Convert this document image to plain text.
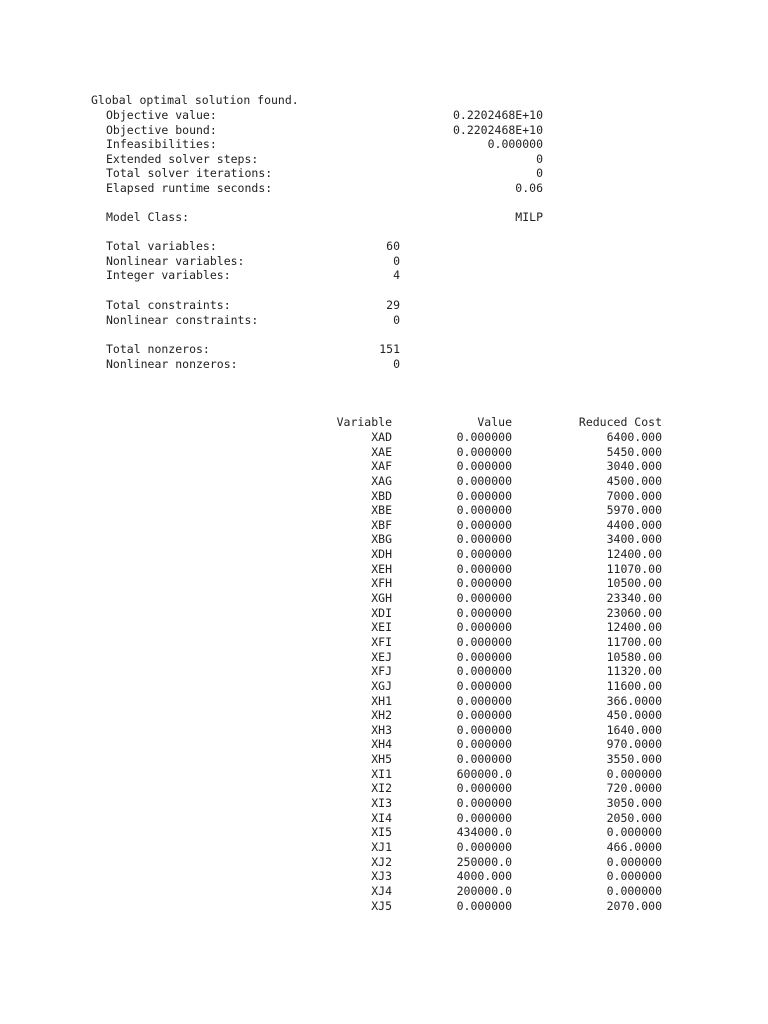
Global optimal solution found.
Objective value:	0.2202468E+10
Objective bound:	0.2202468E+10
Infeasibilities:	0.000000
Extended solver steps:	0
Total solver iterations:	0
Elapsed runtime seconds:	0.06
Model Class:	MILP
Total variables:	60
Nonlinear variables:	0
Integer variables:	4
Total constraints:	29
Nonlinear constraints:	0
Total nonzeros:	151
Nonlinear nonzeros:	0
Variable	Value	Reduced Cost
XAD	0.000000	6400.000
XAE	0.000000	5450.000
XAF	0.000000	3040.000
XAG	0.000000	4500.000
XBD	0.000000	7000.000
XBE	0.000000	5970.000
XBF	0.000000	4400.000
XBG	0.000000	3400.000
XDH	0.000000	12400.00
XEH	0.000000	11070.00
XFH	0.000000	10500.00
XGH	0.000000	23340.00
XDI	0.000000	23060.00
XEI	0.000000	12400.00
XFI	0.000000	11700.00
XEJ	0.000000	10580.00
XFJ	0.000000	11320.00
XGJ	0.000000	11600.00
XH1	0.000000	366.0000
XH2	0.000000	450.0000
XH3	0.000000	1640.000
XH4	0.000000	970.0000
XH5	0.000000	3550.000
XI1	600000.0	0.000000
XI2	0.000000	720.0000
XI3	0.000000	3050.000
XI4	0.000000	2050.000
XI5	434000.0	0.000000
XJ1	0.000000	466.0000
XJ2	250000.0	0.000000
XJ3	4000.000	0.000000
XJ4	200000.0	0.000000
XJ5	0.000000	2070.000
